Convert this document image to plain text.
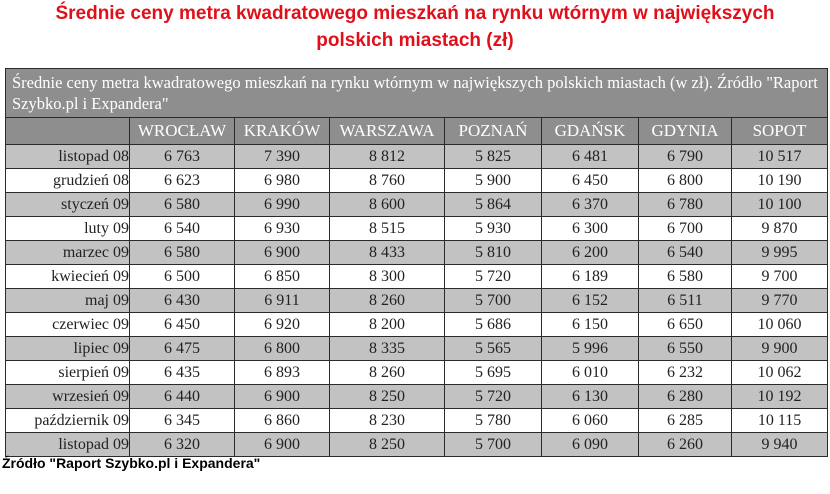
Średnie ceny metra kwadratowego mieszkań na rynku wtórnym w największych
polskich miastach (zł)
Średnie ceny metra kwadratowego mieszkań na rynku wtórnym w największych polskich miastach (w zł). Źródło "Raport Szybko.pl i Expandera"							
	WROCŁAW	KRAKÓW	WARSZAWA	POZNAŃ	GDAŃSK	GDYNIA	SOPOT
listopad 08	6 763	7 390	8 812	5 825	6 481	6 790	10 517
grudzień 08	6 623	6 980	8 760	5 900	6 450	6 800	10 190
styczeń 09	6 580	6 990	8 600	5 864	6 370	6 780	10 100
luty 09	6 540	6 930	8 515	5 930	6 300	6 700	9 870
marzec 09	6 580	6 900	8 433	5 810	6 200	6 540	9 995
kwiecień 09	6 500	6 850	8 300	5 720	6 189	6 580	9 700
maj 09	6 430	6 911	8 260	5 700	6 152	6 511	9 770
czerwiec 09	6 450	6 920	8 200	5 686	6 150	6 650	10 060
lipiec 09	6 475	6 800	8 335	5 565	5 996	6 550	9 900
sierpień 09	6 435	6 893	8 260	5 695	6 010	6 232	10 062
wrzesień 09	6 440	6 900	8 250	5 720	6 130	6 280	10 192
październik 09	6 345	6 860	8 230	5 780	6 060	6 285	10 115
listopad 09	6 320	6 900	8 250	5 700	6 090	6 260	9 940
Źródło "Raport Szybko.pl i Expandera"
